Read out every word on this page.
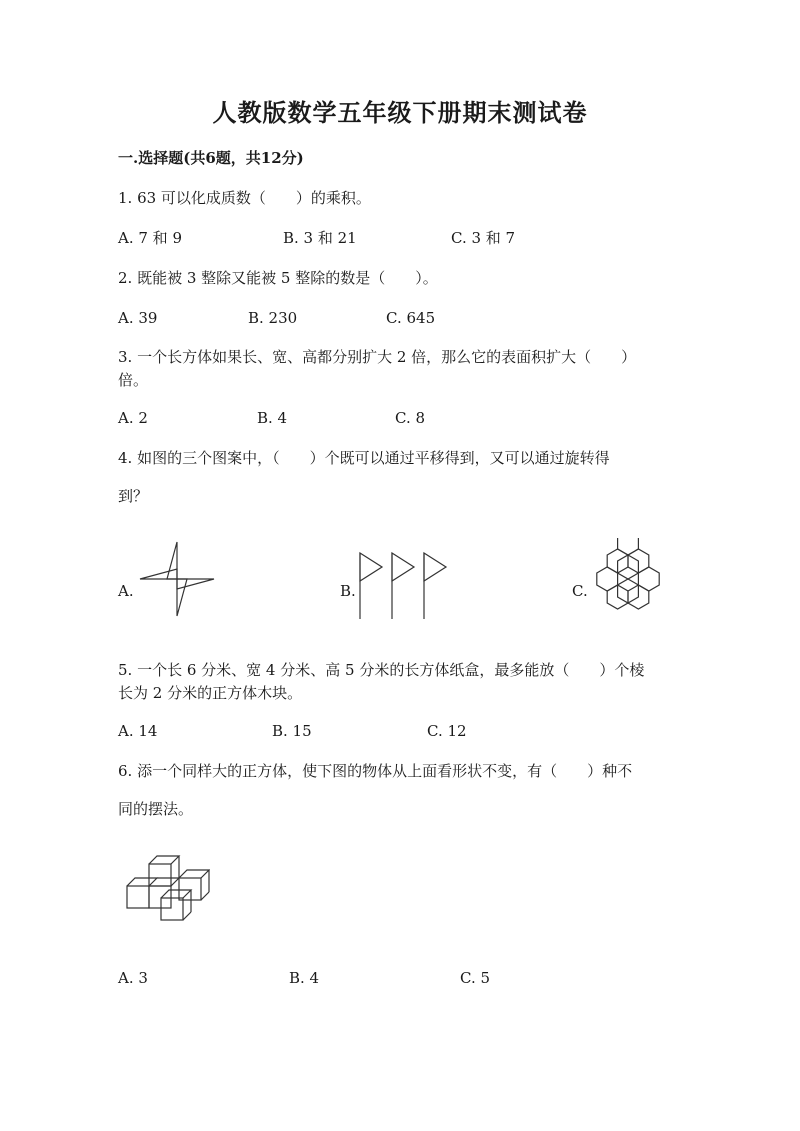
人教版数学五年级下册期末测试卷
一.选择题(共6题，共12分)
1. 63 可以化成质数（　　）的乘积。
A. 7 和 9	B. 3 和 21	C. 3 和 7
2. 既能被 3 整除又能被 5 整除的数是（　　）。
A. 39	B. 230	C. 645
3. 一个长方体如果长、宽、高都分别扩大 2 倍，那么它的表面积扩大（　　）
倍。
A. 2	B. 4	C. 8
4. 如图的三个图案中，（　　）个既可以通过平移得到，又可以通过旋转得
到？
A.	B.	C.
5. 一个长 6 分米、宽 4 分米、高 5 分米的长方体纸盒，最多能放（　　）个棱
长为 2 分米的正方体木块。
A. 14	B. 15	C. 12
6. 添一个同样大的正方体，使下图的物体从上面看形状不变，有（　　）种不
同的摆法。
A. 3	B. 4	C. 5
